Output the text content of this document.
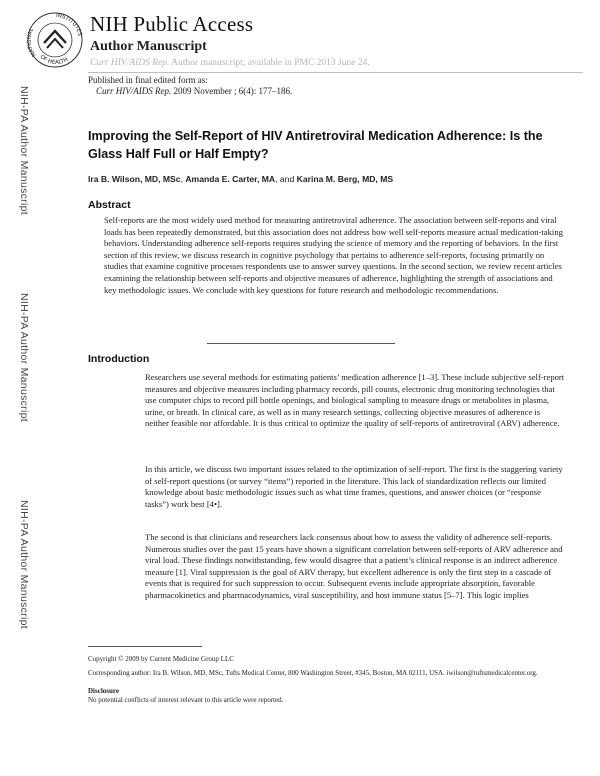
NATIONAL
INSTITUTES
OF HEALTH
NIH Public Access
Author Manuscript
Curr HIV/AIDS Rep. Author manuscript; available in PMC 2013 June 24.
Published in final edited form as:
Curr HIV/AIDS Rep. 2009 November ; 6(4): 177–186.
NIH-PA Author Manuscript
NIH-PA Author Manuscript
NIH-PA Author Manuscript
Improving the Self-Report of HIV Antiretroviral Medication Adherence: Is the Glass Half Full or Half Empty?
Ira B. Wilson, MD, MSc, Amanda E. Carter, MA, and Karina M. Berg, MD, MS
Abstract

Self-reports are the most widely used method for measuring antiretroviral adherence. The association between self-reports and viral loads has been repeatedly demonstrated, but this association does not address how well self-reports measure actual medication-taking behaviors. Understanding adherence self-reports requires studying the science of memory and the reporting of behaviors. In the first section of this review, we discuss research in cognitive psychology that pertains to adherence self-reports, focusing primarily on studies that examine cognitive processes respondents use to answer survey questions. In the second section, we review recent articles examining the relationship between self-reports and objective measures of adherence, highlighting the strength of associations and key methodologic issues. We conclude with key questions for future research and methodologic recommendations.

Introduction

Researchers use several methods for estimating patients’ medication adherence [1–3]. These include subjective self-report measures and objective measures including pharmacy records, pill counts, electronic drug monitoring technologies that use computer chips to record pill bottle openings, and biological sampling to measure drugs or metabolites in plasma, urine, or breath. In clinical care, as well as in many research settings, collecting objective measures of adherence is neither feasible nor affordable. It is thus critical to optimize the quality of self-reports of antiretroviral (ARV) adherence.

In this article, we discuss two important issues related to the optimization of self-report. The first is the staggering variety of self-report questions (or survey “items”) reported in the literature. This lack of standardization reflects our limited knowledge about basic methodologic issues such as what time frames, questions, and answer choices (or “response tasks”) work best [4•].

The second is that clinicians and researchers lack consensus about how to assess the validity of adherence self-reports. Numerous studies over the past 15 years have shown a significant correlation between self-reports of ARV adherence and viral load. These findings notwithstanding, few would disagree that a patient’s clinical response is an indirect adherence measure [1]. Viral suppression is the goal of ARV therapy, but excellent adherence is only the first step in a cascade of events that is required for such suppression to occur. Subsequent events include appropriate absorption, favorable pharmacokinetics and pharmacodynamics, viral susceptibility, and host immune status [5–7]. This logic implies

Copyright © 2009 by Current Medicine Group LLC
Corresponding author: Ira B. Wilson, MD, MSc, Tufts Medical Center, 800 Washington Street, #345, Boston, MA 02111, USA. iwilson@tuftsmedicalcenter.org.
Disclosure
No potential conflicts of interest relevant to this article were reported.
